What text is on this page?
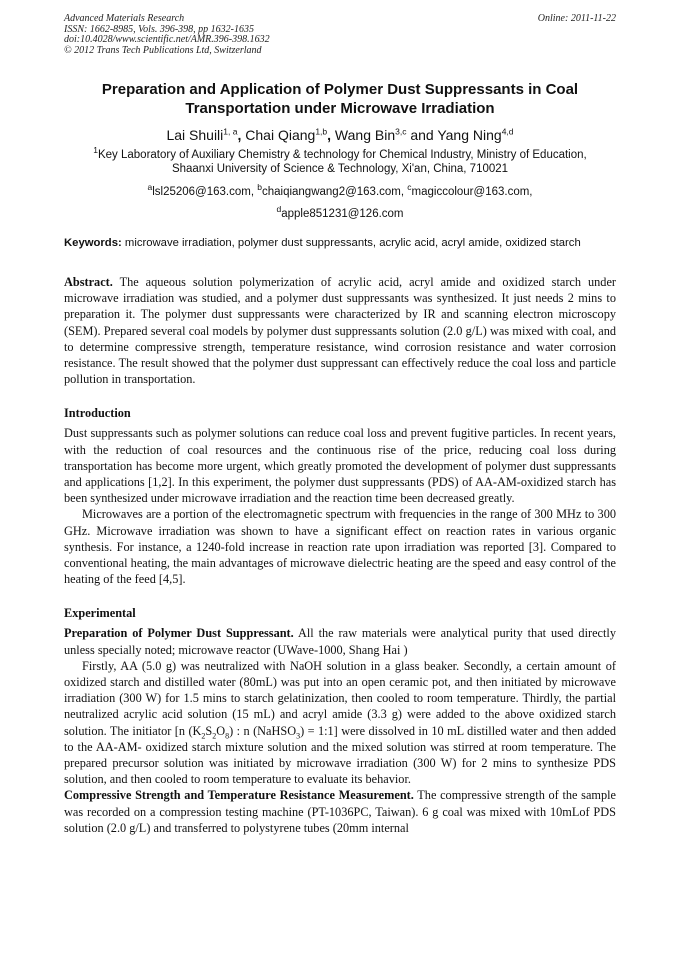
Advanced Materials Research
ISSN: 1662-8985, Vols. 396-398, pp 1632-1635
doi:10.4028/www.scientific.net/AMR.396-398.1632
© 2012 Trans Tech Publications Ltd, Switzerland
Online: 2011-11-22
Preparation and Application of Polymer Dust Suppressants in Coal
Transportation under Microwave Irradiation
Lai Shuili$^{1, a}$, Chai Qiang$^{1,b}$, Wang Bin$^{3,c}$ and Yang Ning$^{4,d}$
$^1$Key Laboratory of Auxiliary Chemistry & technology for Chemical Industry, Ministry of Education,
Shaanxi University of Science & Technology, Xi'an, China, 710021
$^a$lsl25206@163.com, $^b$chaiqiangwang2@163.com, $^c$magiccolour@163.com,
$^d$apple851231@126.com
Keywords: microwave irradiation, polymer dust suppressants, acrylic acid, acryl amide, oxidized starch

Abstract. The aqueous solution polymerization of acrylic acid, acryl amide and oxidized starch under microwave irradiation was studied, and a polymer dust suppressants was synthesized. It just needs 2 mins to preparation it. The polymer dust suppressants were characterized by IR and scanning electron microscopy (SEM). Prepared several coal models by polymer dust suppressants solution (2.0 g/L) was mixed with coal, and to determine compressive strength, temperature resistance, wind corrosion resistance and water corrosion resistance. The result showed that the polymer dust suppressant can effectively reduce the coal loss and particle pollution in transportation.

Introduction

Dust suppressants such as polymer solutions can reduce coal loss and prevent fugitive particles. In recent years, with the reduction of coal resources and the continuous rise of the price, reducing coal loss during transportation has become more urgent, which greatly promoted the development of polymer dust suppressants and applications [1,2]. In this experiment, the polymer dust suppressants (PDS) of AA-AM-oxidized starch has been synthesized under microwave irradiation and the reaction time been decreased greatly.

Microwaves are a portion of the electromagnetic spectrum with frequencies in the range of 300 MHz to 300 GHz. Microwave irradiation was shown to have a significant effect on reaction rates in various organic synthesis. For instance, a 1240-fold increase in reaction rate upon irradiation was reported [3]. Compared to conventional heating, the main advantages of microwave dielectric heating are the speed and easy control of the heating of the feed [4,5].

Experimental

Preparation of Polymer Dust Suppressant. All the raw materials were analytical purity that used directly unless specially noted; microwave reactor (UWave-1000, Shang Hai )

Firstly, AA (5.0 g) was neutralized with NaOH solution in a glass beaker. Secondly, a certain amount of oxidized starch and distilled water (80mL) was put into an open ceramic pot, and then initiated by microwave irradiation (300 W) for 1.5 mins to starch gelatinization, then cooled to room temperature. Thirdly, the partial neutralized acrylic acid solution (15 mL) and acryl amide (3.3 g) were added to the above oxidized starch solution. The initiator [n $(K_2S_2O_8)$ : n (NaHSO$_3$) = 1:1] were dissolved in 10 mL distilled water and then added to the AA-AM- oxidized starch mixture solution and the mixed solution was stirred at room temperature. The prepared precursor solution was initiated by microwave irradiation (300 W) for 2 mins to synthesize PDS solution, and then cooled to room temperature to evaluate its behavior.

Compressive Strength and Temperature Resistance Measurement. The compressive strength of the sample was recorded on a compression testing machine (PT-1036PC, Taiwan). 6 g coal was mixed with 10mLof PDS solution (2.0 g/L) and transferred to polystyrene tubes (20mm internal
